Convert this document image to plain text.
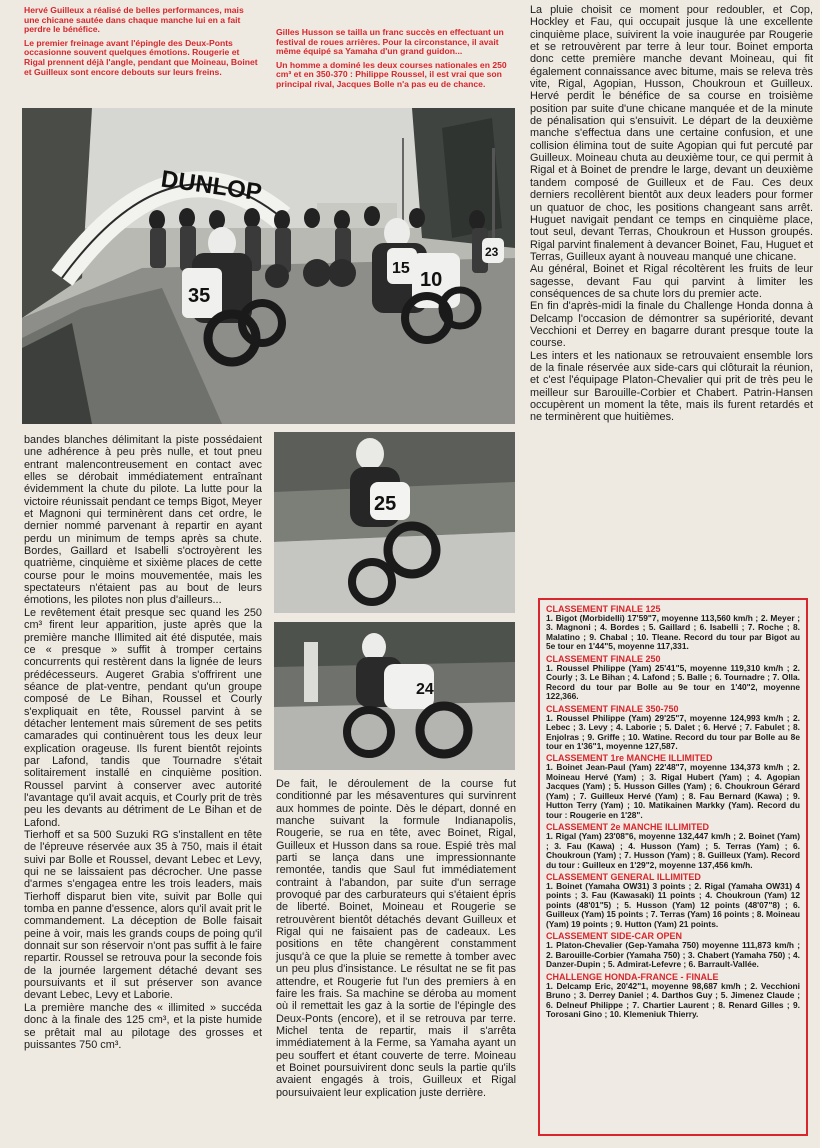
Hervé Guilleux a réalisé de belles performances, mais une chicane sautée dans chaque manche lui en a fait perdre le bénéfice.

Le premier freinage avant l'épingle des Deux-Ponts occasionne souvent quelques émotions. Rougerie et Rigal prennent déjà l'angle, pendant que Moineau, Boinet et Guilleux sont encore debouts sur leurs freins.

Gilles Husson se tailla un franc succès en effectuant un festival de roues arrières. Pour la circonstance, il avait même équipé sa Yamaha d'un grand guidon...

Un homme a dominé les deux courses nationales en 250 cm³ et en 350-370 : Philippe Roussel, il est vrai que son principal rival, Jacques Bolle n'a pas eu de chance.

DUNLOP
35
15
10
23
25
24

La pluie choisit ce moment pour redoubler, et Cop, Hockley et Fau, qui occupait jusque là une excellente cinquième place, suivirent la voie inaugurée par Rougerie et se retrouvèrent par terre à leur tour. Boinet emporta donc cette première manche devant Moineau, qui fit également connaissance avec bitume, mais se releva très vite, Rigal, Agopian, Husson, Choukroun et Guilleux. Hervé perdit le bénéfice de sa course en troisième position par suite d'une chicane manquée et de la minute de pénalisation qui s'ensuivit. Le départ de la deuxième manche s'effectua dans une certaine confusion, et une collision élimina tout de suite Agopian qui fut percuté par Guilleux. Moineau chuta au deuxième tour, ce qui permit à Rigal et à Boinet de prendre le large, devant un deuxième tandem composé de Guilleux et de Fau. Ces deux derniers recollèrent bientôt aux deux leaders pour former un quatuor de choc, les positions changeant sans arrêt. Huguet navigait pendant ce temps en cinquième place, tout seul, devant Terras, Choukroun et Husson groupés. Rigal parvint finalement à devancer Boinet, Fau, Huguet et Terras, Guilleux ayant à nouveau manqué une chicane.

Au général, Boinet et Rigal récoltèrent les fruits de leur sagesse, devant Fau qui parvint à limiter les conséquences de sa chute lors du premier acte.

En fin d'après-midi la finale du Challenge Honda donna à Delcamp l'occasion de démontrer sa supériorité, devant Vecchioni et Derrey en bagarre durant presque toute la course.

Les inters et les nationaux se retrouvaient ensemble lors de la finale réservée aux side-cars qui clôturait la réunion, et c'est l'équipage Platon-Chevalier qui prit de très peu le meilleur sur Barouille-Corbier et Chabert. Patrin-Hansen occupèrent un moment la tête, mais ils furent retardés et ne terminèrent que huitièmes.

bandes blanches délimitant la piste possédaient une adhérence à peu près nulle, et tout pneu entrant malencontreusement en contact avec elles se dérobait immédiatement entraînant évidemment la chute du pilote. La lutte pour la victoire réunissait pendant ce temps Bigot, Meyer et Magnoni qui terminèrent dans cet ordre, le dernier nommé parvenant à repartir en ayant perdu un minimum de temps après sa chute. Bordes, Gaillard et Isabelli s'octroyèrent les quatrième, cinquième et sixième places de cette course pour le moins mouvementée, mais les spectateurs n'étaient pas au bout de leurs émotions, les pilotes non plus d'ailleurs...

Le revêtement était presque sec quand les 250 cm³ firent leur apparition, juste après que la première manche Illimited ait été disputée, mais ce « presque » suffit à tromper certains concurrents qui restèrent dans la lignée de leurs prédécesseurs. Augeret Grabia s'offrirent une séance de plat-ventre, pendant qu'un groupe composé de Le Bihan, Roussel et Courly s'expliquait en tête, Roussel parvint à se détacher lentement mais sûrement de ses petits camarades qui continuèrent tous les deux leur explication orageuse. Ils furent bientôt rejoints par Lafond, tandis que Tournadre s'était solitairement installé en cinquième position. Roussel parvint à conserver avec autorité l'avantage qu'il avait acquis, et Courly prit de très peu les devants au détriment de Le Bihan et de Lafond.

Tierhoff et sa 500 Suzuki RG s'installent en tête de l'épreuve réservée aux 35 à 750, mais il était suivi par Bolle et Roussel, devant Lebec et Levy, qui ne se laissaient pas décrocher. Une passe d'armes s'engagea entre les trois leaders, mais Tierhoff disparut bien vite, suivit par Bolle qui tomba en panne d'essence, alors qu'il avait prit le commandement. La déception de Bolle faisait peine à voir, mais les grands coups de poing qu'il donnait sur son réservoir n'ont pas suffit à le faire repartir. Roussel se retrouva pour la seconde fois de la journée largement détaché devant ses poursuivants et il sut préserver son avance devant Lebec, Levy et Laborie.

La première manche des « illimited » succéda donc à la finale des 125 cm³, et la piste humide se prêtait mal au pilotage des grosses et puissantes 750 cm³.

De fait, le déroulement de la course fut conditionné par les mésaventures qui survinrent aux hommes de pointe. Dès le départ, donné en manche suivant la formule Indianapolis, Rougerie, se rua en tête, avec Boinet, Rigal, Guilleux et Husson dans sa roue. Espié très mal parti se lança dans une impressionnante remontée, tandis que Saul fut immédiatement contraint à l'abandon, par suite d'un serrage provoqué par des carburateurs qui s'étaient épris de liberté. Boinet, Moineau et Rougerie se retrouvèrent bientôt détachés devant Guilleux et Rigal qui ne faisaient pas de cadeaux. Les positions en tête changèrent constamment jusqu'à ce que la pluie se remette à tomber avec un peu plus d'insistance. Le résultat ne se fit pas attendre, et Rougerie fut l'un des premiers à en faire les frais. Sa machine se déroba au moment où il remettait les gaz à la sortie de l'épingle des Deux-Ponts (encore), et il se retrouva par terre. Michel tenta de repartir, mais il s'arrêta immédiatement à la Ferme, sa Yamaha ayant un peu souffert et étant couverte de terre. Moineau et Boinet poursuivirent donc seuls la partie qu'ils avaient engagés à trois, Guilleux et Rigal poursuivaient leur explication juste derrière.

CLASSEMENT FINALE 125
1. Bigot (Morbidelli) 17'59"7, moyenne 113,560 km/h ; 2. Meyer ; 3. Magnoni ; 4. Bordes ; 5. Gaillard ; 6. Isabelli ; 7. Roche ; 8. Malatino ; 9. Chabal ; 10. Tleane. Record du tour par Bigot au 5e tour en 1'44"5, moyenne 117,331.
CLASSEMENT FINALE 250
1. Roussel Philippe (Yam) 25'41"5, moyenne 119,310 km/h ; 2. Courly ; 3. Le Bihan ; 4. Lafond ; 5. Balle ; 6. Tournadre ; 7. Olla. Record du tour par Bolle au 9e tour en 1'40"2, moyenne 122,366.
CLASSEMENT FINALE 350-750
1. Roussel Philippe (Yam) 29'25"7, moyenne 124,993 km/h ; 2. Lebec ; 3. Levy ; 4. Laborie ; 5. Dalet ; 6. Hervé ; 7. Fabulet ; 8. Enjolras ; 9. Griffe ; 10. Watine. Record du tour par Bolle au 8e tour en 1'36"1, moyenne 127,587.
CLASSEMENT 1re MANCHE ILLIMITED
1. Boinet Jean-Paul (Yam) 22'48"7, moyenne 134,373 km/h ; 2. Moineau Hervé (Yam) ; 3. Rigal Hubert (Yam) ; 4. Agopian Jacques (Yam) ; 5. Husson Gilles (Yam) ; 6. Choukroun Gérard (Yam) ; 7. Guilleux Hervé (Yam) ; 8. Fau Bernard (Kawa) ; 9. Hutton Terry (Yam) ; 10. Matikainen Markky (Yam). Record du tour : Rougerie en 1'28".
CLASSEMENT 2e MANCHE ILLIMITED
1. Rigal (Yam) 23'08"6, moyenne 132,447 km/h ; 2. Boinet (Yam) ; 3. Fau (Kawa) ; 4. Husson (Yam) ; 5. Terras (Yam) ; 6. Choukroun (Yam) ; 7. Husson (Yam) ; 8. Guilleux (Yam). Record du tour : Guilleux en 1'29"2, moyenne 137,456 km/h.
CLASSEMENT GENERAL ILLIMITED
1. Boinet (Yamaha OW31) 3 points ; 2. Rigal (Yamaha OW31) 4 points ; 3. Fau (Kawasaki) 11 points ; 4. Choukroun (Yam) 12 points (48'01"5) ; 5. Husson (Yam) 12 points (48'07"8) ; 6. Guilleux (Yam) 15 points ; 7. Terras (Yam) 16 points ; 8. Moineau (Yam) 19 points ; 9. Hutton (Yam) 21 points.
CLASSEMENT SIDE-CAR OPEN
1. Platon-Chevalier (Gep-Yamaha 750) moyenne 111,873 km/h ; 2. Barouille-Corbier (Yamaha 750) ; 3. Chabert (Yamaha 750) ; 4. Danzer-Dupin ; 5. Admirat-Lefevre ; 6. Barrault-Vallée.
CHALLENGE HONDA-FRANCE - FINALE
1. Delcamp Eric, 20'42"1, moyenne 98,687 km/h ; 2. Vecchioni Bruno ; 3. Derrey Daniel ; 4. Darthos Guy ; 5. Jimenez Claude ; 6. Delneuf Philippe ; 7. Chartier Laurent ; 8. Renard Gilles ; 9. Torosani Gino ; 10. Klemeniuk Thierry.
